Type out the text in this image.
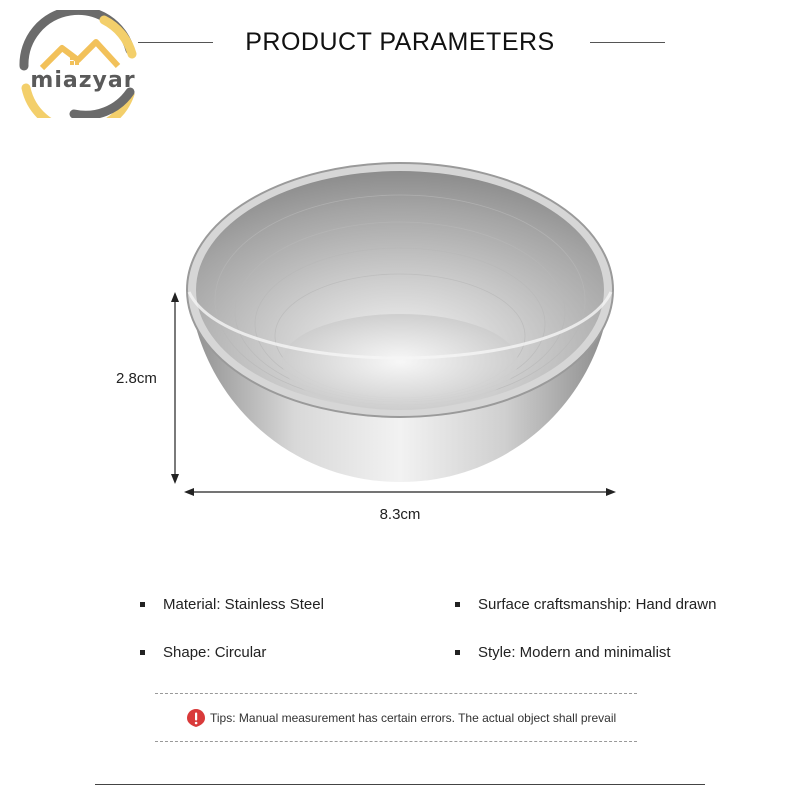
miazyar
PRODUCT PARAMETERS
2.8cm
8.3cm
Material: Stainless Steel	Surface craftsmanship: Hand drawn
Shape: Circular	Style: Modern and minimalist
Tips: Manual measurement has certain errors. The actual object shall prevail
